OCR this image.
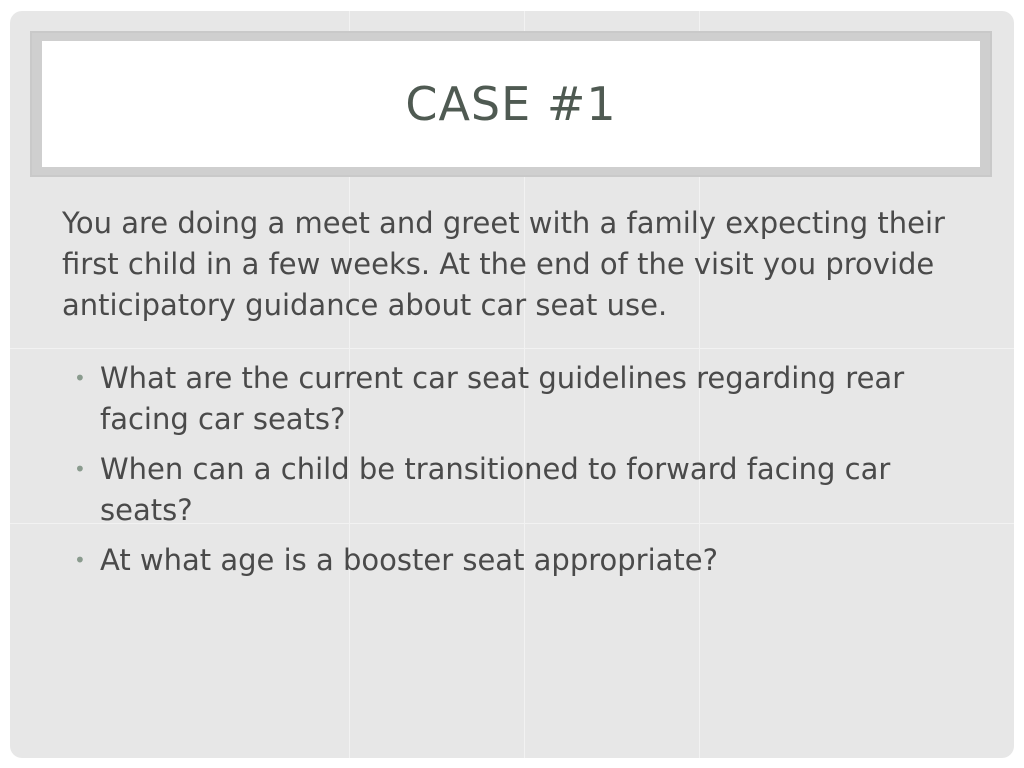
CASE #1

You are doing a meet and greet with a family expecting their first child in a few weeks. At the end of the visit you provide anticipatory guidance about car seat use.

• What are the current car seat guidelines regarding rear facing car seats?
• When can a child be transitioned to forward facing car seats?
• At what age is a booster seat appropriate?
